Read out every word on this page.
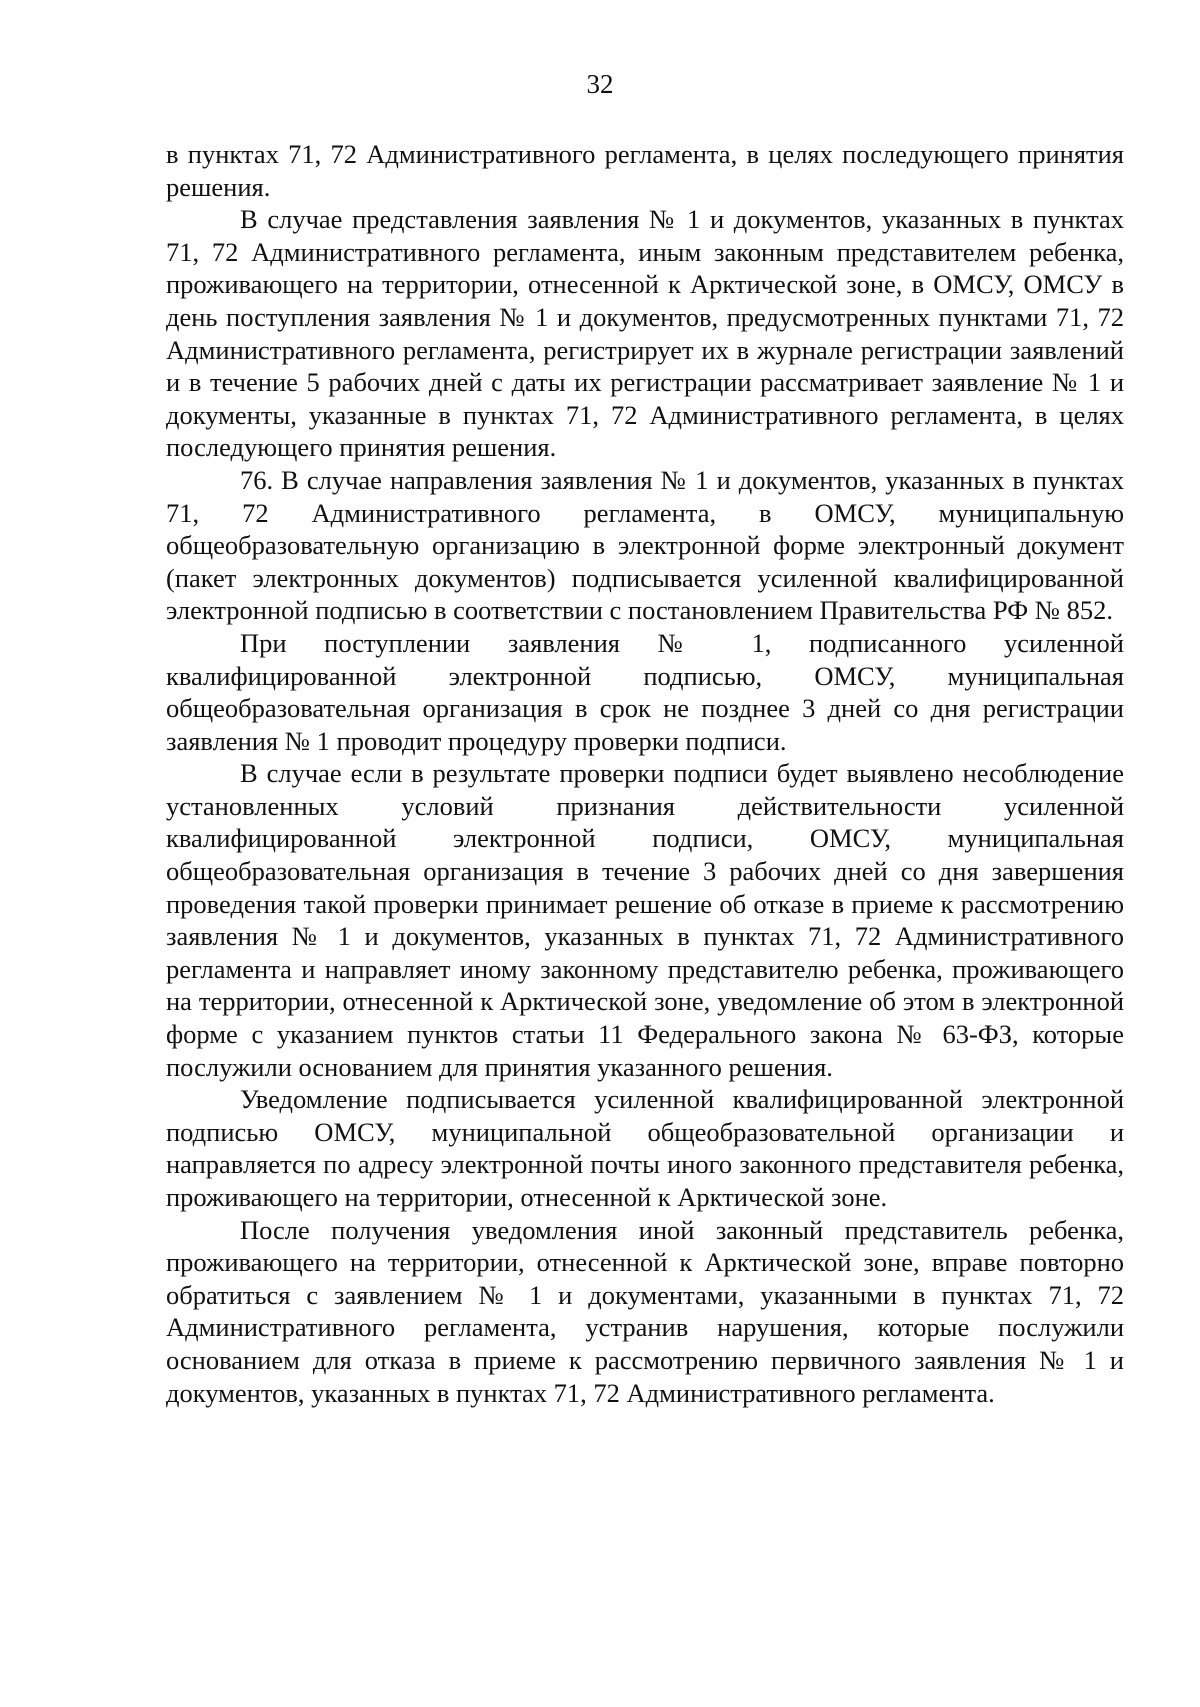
32

в пунктах 71, 72 Административного регламента, в целях последующего принятия решения.

В случае представления заявления № 1 и документов, указанных в пунктах 71, 72 Административного регламента, иным законным представителем ребенка, проживающего на территории, отнесенной к Арктической зоне, в ОМСУ, ОМСУ в день поступления заявления № 1 и документов, предусмотренных пунктами 71, 72 Административного регламента, регистрирует их в журнале регистрации заявлений и в течение 5 рабочих дней с даты их регистрации рассматривает заявление № 1 и документы, указанные в пунктах 71, 72 Административного регламента, в целях последующего принятия решения.

76. В случае направления заявления № 1 и документов, указанных в пунктах 71, 72 Административного регламента, в ОМСУ, муниципальную общеобразовательную организацию в электронной форме электронный документ (пакет электронных документов) подписывается усиленной квалифицированной электронной подписью в соответствии с постановлением Правительства РФ № 852.

При поступлении заявления № 1, подписанного усиленной квалифицированной электронной подписью, ОМСУ, муниципальная общеобразовательная организация в срок не позднее 3 дней со дня регистрации заявления № 1 проводит процедуру проверки подписи.

В случае если в результате проверки подписи будет выявлено несоблюдение установленных условий признания действительности усиленной квалифицированной электронной подписи, ОМСУ, муниципальная общеобразовательная организация в течение 3 рабочих дней со дня завершения проведения такой проверки принимает решение об отказе в приеме к рассмотрению заявления № 1 и документов, указанных в пунктах 71, 72 Административного регламента и направляет иному законному представителю ребенка, проживающего на территории, отнесенной к Арктической зоне, уведомление об этом в электронной форме с указанием пунктов статьи 11 Федерального закона № 63-ФЗ, которые послужили основанием для принятия указанного решения.

Уведомление подписывается усиленной квалифицированной электронной подписью ОМСУ, муниципальной общеобразовательной организации и направляется по адресу электронной почты иного законного представителя ребенка, проживающего на территории, отнесенной к Арктической зоне.

После получения уведомления иной законный представитель ребенка, проживающего на территории, отнесенной к Арктической зоне, вправе повторно обратиться с заявлением № 1 и документами, указанными в пунктах 71, 72 Административного регламента, устранив нарушения, которые послужили основанием для отказа в приеме к рассмотрению первичного заявления № 1 и документов, указанных в пунктах 71, 72 Административного регламента.
